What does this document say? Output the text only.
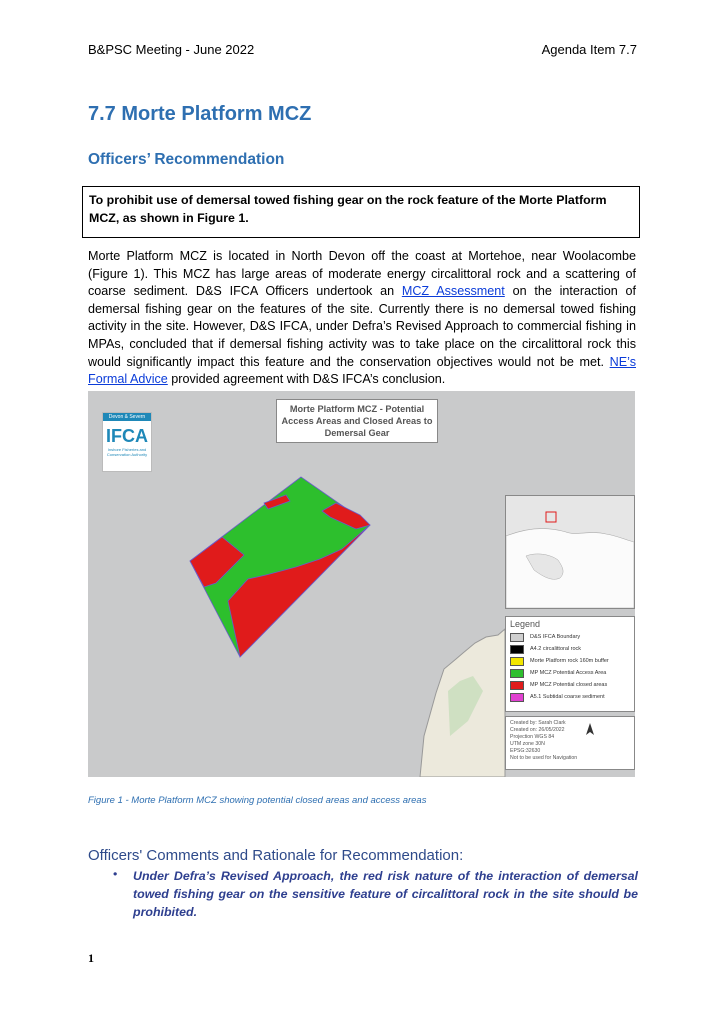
B&PSC Meeting - June 2022	Agenda Item 7.7
7.7 Morte Platform MCZ
Officers’ Recommendation
To prohibit use of demersal towed fishing gear on the rock feature of the Morte Platform MCZ, as shown in Figure 1.
Morte Platform MCZ is located in North Devon off the coast at Mortehoe, near Woolacombe (Figure 1). This MCZ has large areas of moderate energy circalittoral rock and a scattering of coarse sediment. D&S IFCA Officers undertook an MCZ Assessment on the interaction of demersal fishing gear on the features of the site. Currently there is no demersal towed fishing activity in the site. However, D&S IFCA, under Defra’s Revised Approach to commercial fishing in MPAs, concluded that if demersal fishing activity was to take place on the circalittoral rock this would significantly impact this feature and the conservation objectives would not be met. NE’s Formal Advice provided agreement with D&S IFCA’s conclusion.
Morte Platform MCZ - Potential Access Areas and Closed Areas to Demersal Gear
Devon & Severn
IFCA
Inshore Fisheries and
Conservation Authority
Legend
D&S IFCA Boundary
A4.2 circalittoral rock
Morte Platform rock 160m buffer
MP MCZ Potential Access Area
MP MCZ Potential closed areas
A5.1 Subtidal coarse sediment
Created by: Sarah Clark
Created on: 26/05/2022
Projection WGS 84
UTM zone 30N
EPSG:32630
Not to be used for Navigation
Figure 1 - Morte Platform MCZ showing potential closed areas and access areas
Officers' Comments and Rationale for Recommendation:
• Under Defra’s Revised Approach, the red risk nature of the interaction of demersal towed fishing gear on the sensitive feature of circalittoral rock in the site should be prohibited.
1
